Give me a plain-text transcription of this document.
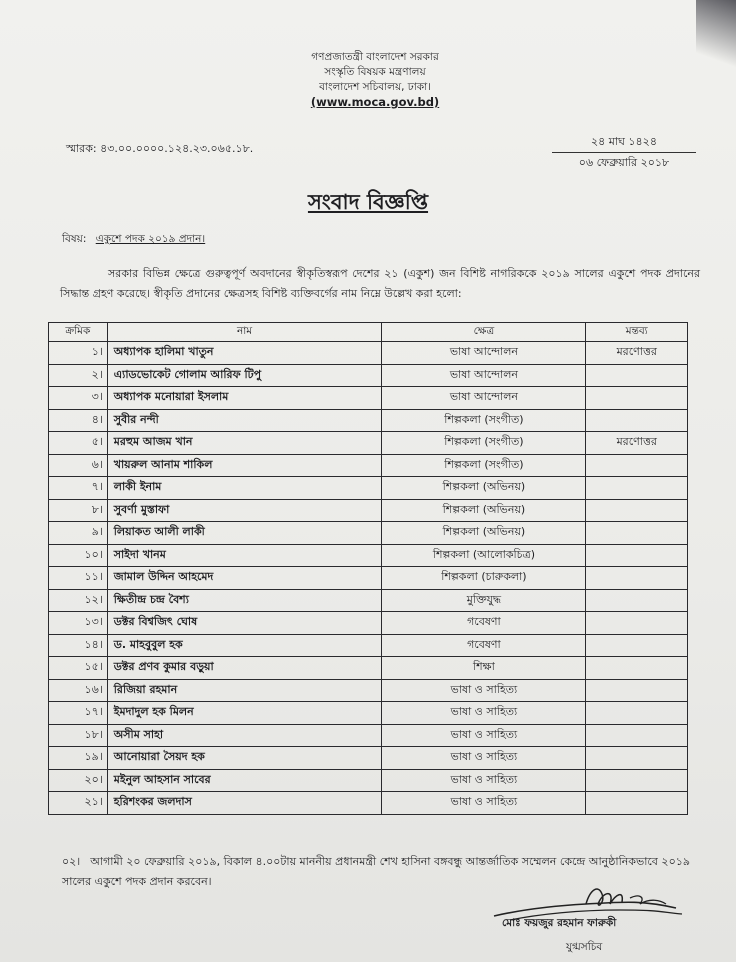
গণপ্রজাতন্ত্রী বাংলাদেশ সরকার
সংস্কৃতি বিষয়ক মন্ত্রণালয়
বাংলাদেশ সচিবালয়, ঢাকা।
(www.moca.gov.bd)
স্মারক: ৪৩.০০.০০০০.১২৪.২৩.০৬৫.১৮.
২৪ মাঘ ১৪২৪
০৬ ফেব্রুয়ারি ২০১৮
সংবাদ বিজ্ঞপ্তি
বিষয়: একুশে পদক ২০১৯ প্রদান।
সরকার বিভিন্ন ক্ষেত্রে গুরুত্বপূর্ণ অবদানের স্বীকৃতিস্বরূপ দেশের ২১ (একুশ) জন বিশিষ্ট নাগরিককে ২০১৯ সালের একুশে পদক প্রদানের সিদ্ধান্ত গ্রহণ করেছে। স্বীকৃতি প্রদানের ক্ষেত্রসহ বিশিষ্ট ব্যক্তিবর্গের নাম নিম্নে উল্লেখ করা হলো:
ক্রমিক	নাম	ক্ষেত্র	মন্তব্য
১।	অধ্যাপক হালিমা খাতুন	ভাষা আন্দোলন	মরণোত্তর
২।	এ্যাডভোকেট গোলাম আরিফ টিপু	ভাষা আন্দোলন	
৩।	অধ্যাপক মনোয়ারা ইসলাম	ভাষা আন্দোলন	
৪।	সুবীর নন্দী	শিল্পকলা (সংগীত)	
৫।	মরহুম আজম খান	শিল্পকলা (সংগীত)	মরণোত্তর
৬।	খায়রুল আনাম শাকিল	শিল্পকলা (সংগীত)	
৭।	লাকী ইনাম	শিল্পকলা (অভিনয়)	
৮।	সুবর্ণা মুস্তাফা	শিল্পকলা (অভিনয়)	
৯।	লিয়াকত আলী লাকী	শিল্পকলা (অভিনয়)	
১০।	সাইদা খানম	শিল্পকলা (আলোকচিত্র)	
১১।	জামাল উদ্দিন আহমেদ	শিল্পকলা (চারুকলা)	
১২।	ক্ষিতীন্দ্র চন্দ্র বৈশ্য	মুক্তিযুদ্ধ	
১৩।	ডক্টর বিশ্বজিৎ ঘোষ	গবেষণা	
১৪।	ড. মাহবুবুল হক	গবেষণা	
১৫।	ডক্টর প্রণব কুমার বড়ুয়া	শিক্ষা	
১৬।	রিজিয়া রহমান	ভাষা ও সাহিত্য	
১৭।	ইমদাদুল হক মিলন	ভাষা ও সাহিত্য	
১৮।	অসীম সাহা	ভাষা ও সাহিত্য	
১৯।	আনোয়ারা সৈয়দ হক	ভাষা ও সাহিত্য	
২০।	মইনুল আহসান সাবের	ভাষা ও সাহিত্য	
২১।	হরিশংকর জলদাস	ভাষা ও সাহিত্য	
০২। আগামী ২০ ফেব্রুয়ারি ২০১৯, বিকাল ৪.০০টায় মাননীয় প্রধানমন্ত্রী শেখ হাসিনা বঙ্গবন্ধু আন্তর্জাতিক সম্মেলন কেন্দ্রে আনুষ্ঠানিকভাবে ২০১৯ সালের একুশে পদক প্রদান করবেন।
মোঃ ফয়জুর রহমান ফারুকী
যুগ্মসচিব
